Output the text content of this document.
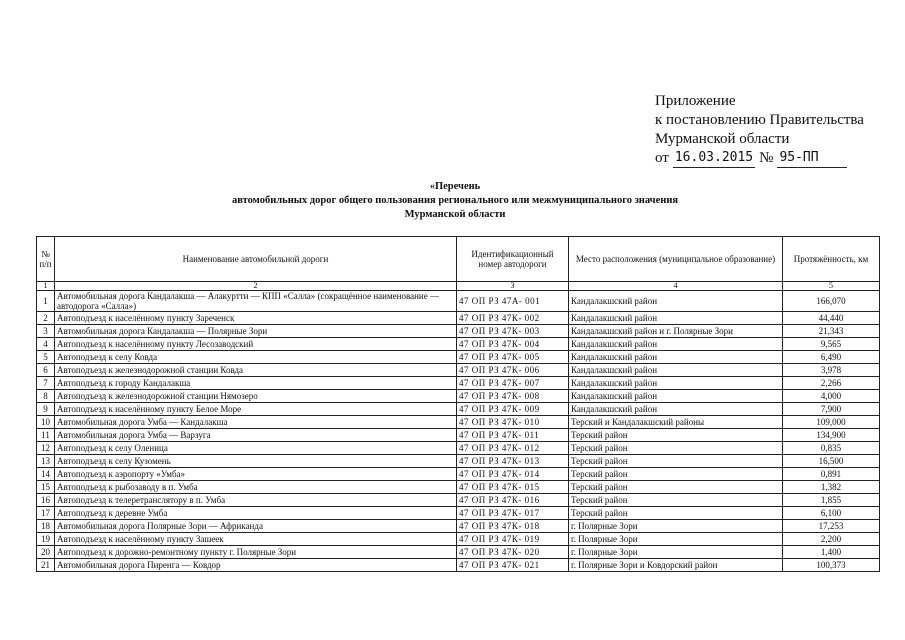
Приложение
к постановлению Правительства
Мурманской области
от 16.03.2015 № 95-ПП
«Перечень
автомобильных дорог общего пользования регионального или межмуниципального значения
Мурманской области
№ п/п	Наименование автомобильной дороги	Идентификационный номер автодороги	Место расположения (муниципальное образование)	Протяжённость, км
1	2	3	4	5
1	Автомобильная дорога Кандалакша — Алакуртти — КПП «Салла» (сокращённое наименование — автодорога «Салла»)	47 ОП РЗ 47А- 001	Кандалакшский район	166,070
2	Автоподъезд к населённому пункту Зареченск	47 ОП РЗ 47К- 002	Кандалакшский район	44,440
3	Автомобильная дорога Кандалакша — Полярные Зори	47 ОП РЗ 47К- 003	Кандалакшский район и г. Полярные Зори	21,343
4	Автоподъезд к населённому пункту Лесозаводский	47 ОП РЗ 47К- 004	Кандалакшский район	9,565
5	Автоподъезд к селу Ковда	47 ОП РЗ 47К- 005	Кандалакшский район	6,490
6	Автоподъезд к железнодорожной станции Ковда	47 ОП РЗ 47К- 006	Кандалакшский район	3,978
7	Автоподъезд к городу Кандалакша	47 ОП РЗ 47К- 007	Кандалакшский район	2,266
8	Автоподъезд к железнодорожной станции Нямозеро	47 ОП РЗ 47К- 008	Кандалакшский район	4,000
9	Автоподъезд к населённому пункту Белое Море	47 ОП РЗ 47К- 009	Кандалакшский район	7,900
10	Автомобильная дорога Умба — Кандалакша	47 ОП РЗ 47К- 010	Терский и Кандалакшский районы	109,000
11	Автомобильная дорога Умба — Варзуга	47 ОП РЗ 47К- 011	Терский район	134,900
12	Автоподъезд к селу Оленица	47 ОП РЗ 47К- 012	Терский район	0,835
13	Автоподъезд к селу Кузомень	47 ОП РЗ 47К- 013	Терский район	16,500
14	Автоподъезд к аэропорту «Умба»	47 ОП РЗ 47К- 014	Терский район	0,891
15	Автоподъезд к рыбозаводу в п. Умба	47 ОП РЗ 47К- 015	Терский район	1,382
16	Автоподъезд к телеретранслятору в п. Умба	47 ОП РЗ 47К- 016	Терский район	1,855
17	Автоподъезд к деревне Умба	47 ОП РЗ 47К- 017	Терский район	6,100
18	Автомобильная дорога Полярные Зори — Африканда	47 ОП РЗ 47К- 018	г. Полярные Зори	17,253
19	Автоподъезд к населённому пункту Зашеек	47 ОП РЗ 47К- 019	г. Полярные Зори	2,200
20	Автоподъезд к дорожно-ремонтному пункту г. Полярные Зори	47 ОП РЗ 47К- 020	г. Полярные Зори	1,400
21	Автомобильная дорога Пиренга — Ковдор	47 ОП РЗ 47К- 021	г. Полярные Зори и Ковдорский район	100,373
